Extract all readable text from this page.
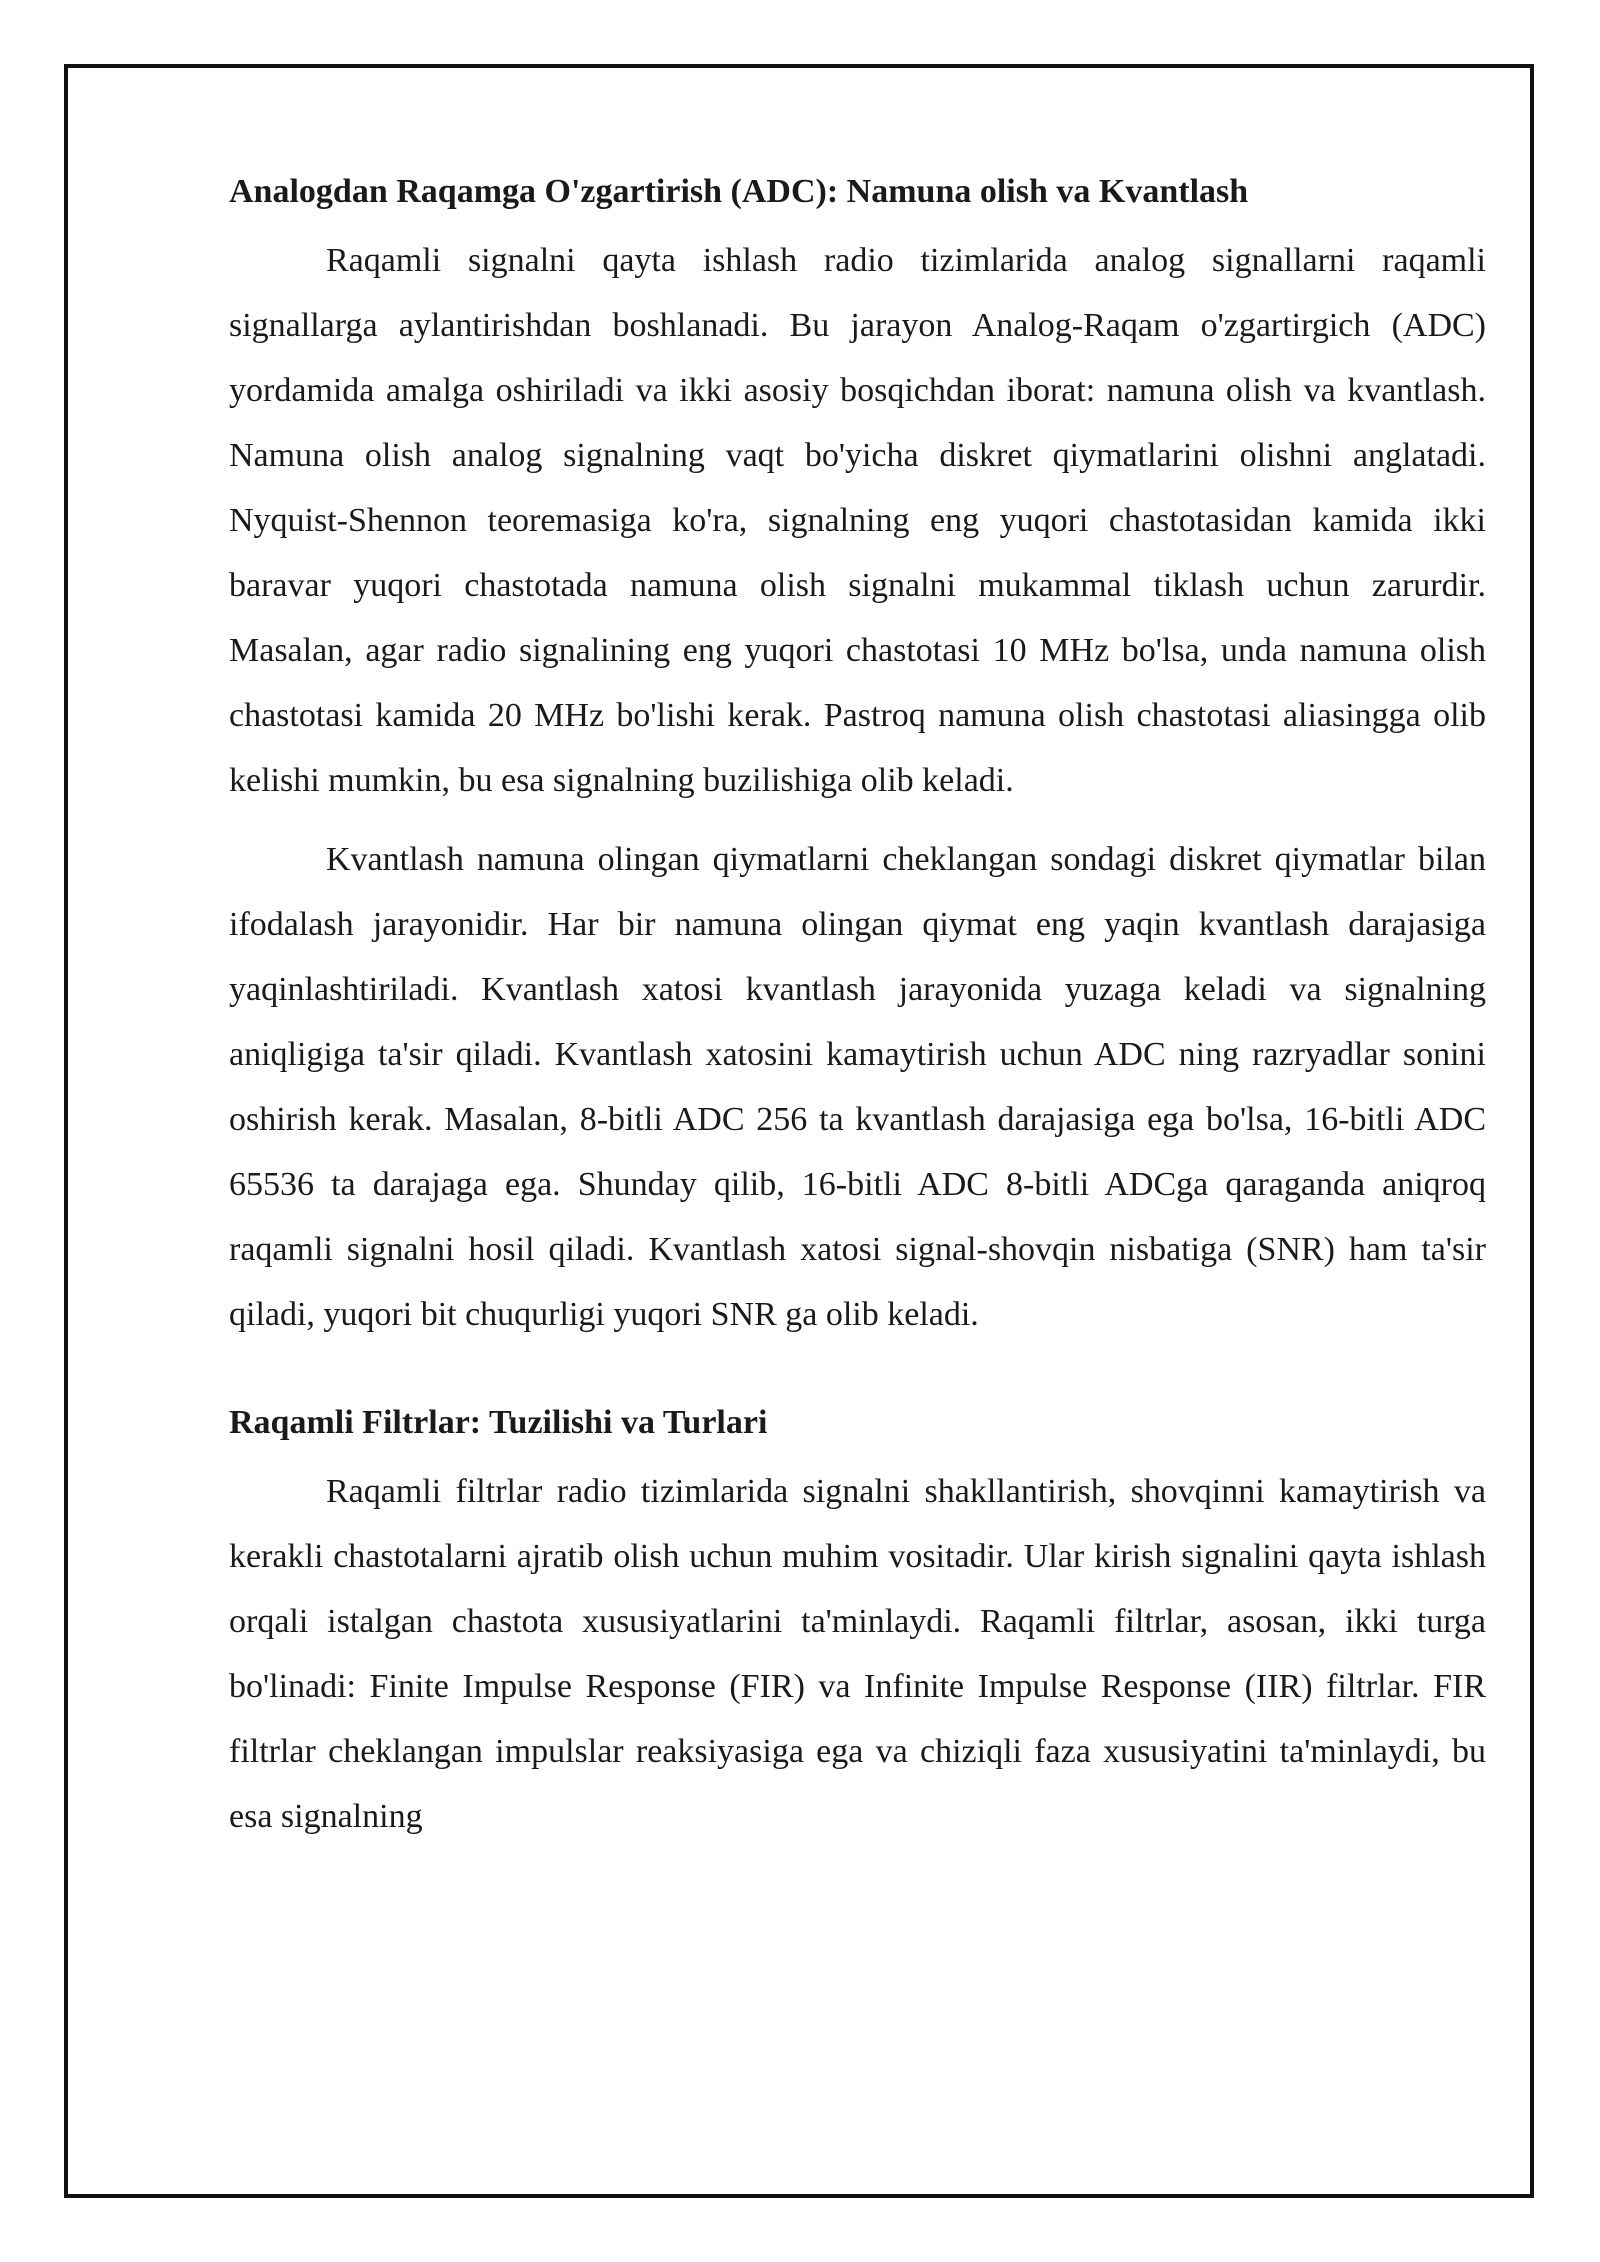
Analogdan Raqamga O'zgartirish (ADC): Namuna olish va Kvantlash

Raqamli signalni qayta ishlash radio tizimlarida analog signallarni raqamli signallarga aylantirishdan boshlanadi. Bu jarayon Analog-Raqam o'zgartirgich (ADC) yordamida amalga oshiriladi va ikki asosiy bosqichdan iborat: namuna olish va kvantlash. Namuna olish analog signalning vaqt bo'yicha diskret qiymatlarini olishni anglatadi. Nyquist-Shennon teoremasiga ko'ra, signalning eng yuqori chastotasidan kamida ikki baravar yuqori chastotada namuna olish signalni mukammal tiklash uchun zarurdir. Masalan, agar radio signalining eng yuqori chastotasi 10 MHz bo'lsa, unda namuna olish chastotasi kamida 20 MHz bo'lishi kerak. Pastroq namuna olish chastotasi aliasingga olib kelishi mumkin, bu esa signalning buzilishiga olib keladi.

Kvantlash namuna olingan qiymatlarni cheklangan sondagi diskret qiymatlar bilan ifodalash jarayonidir. Har bir namuna olingan qiymat eng yaqin kvantlash darajasiga yaqinlashtiriladi. Kvantlash xatosi kvantlash jarayonida yuzaga keladi va signalning aniqligiga ta'sir qiladi. Kvantlash xatosini kamaytirish uchun ADC ning razryadlar sonini oshirish kerak. Masalan, 8-bitli ADC 256 ta kvantlash darajasiga ega bo'lsa, 16-bitli ADC 65536 ta darajaga ega. Shunday qilib, 16-bitli ADC 8-bitli ADCga qaraganda aniqroq raqamli signalni hosil qiladi. Kvantlash xatosi signal-shovqin nisbatiga (SNR) ham ta'sir qiladi, yuqori bit chuqurligi yuqori SNR ga olib keladi.

Raqamli Filtrlar: Tuzilishi va Turlari

Raqamli filtrlar radio tizimlarida signalni shakllantirish, shovqinni kamaytirish va kerakli chastotalarni ajratib olish uchun muhim vositadir. Ular kirish signalini qayta ishlash orqali istalgan chastota xususiyatlarini ta'minlaydi. Raqamli filtrlar, asosan, ikki turga bo'linadi: Finite Impulse Response (FIR) va Infinite Impulse Response (IIR) filtrlar. FIR filtrlar cheklangan impulslar reaksiyasiga ega va chiziqli faza xususiyatini ta'minlaydi, bu esa signalning
